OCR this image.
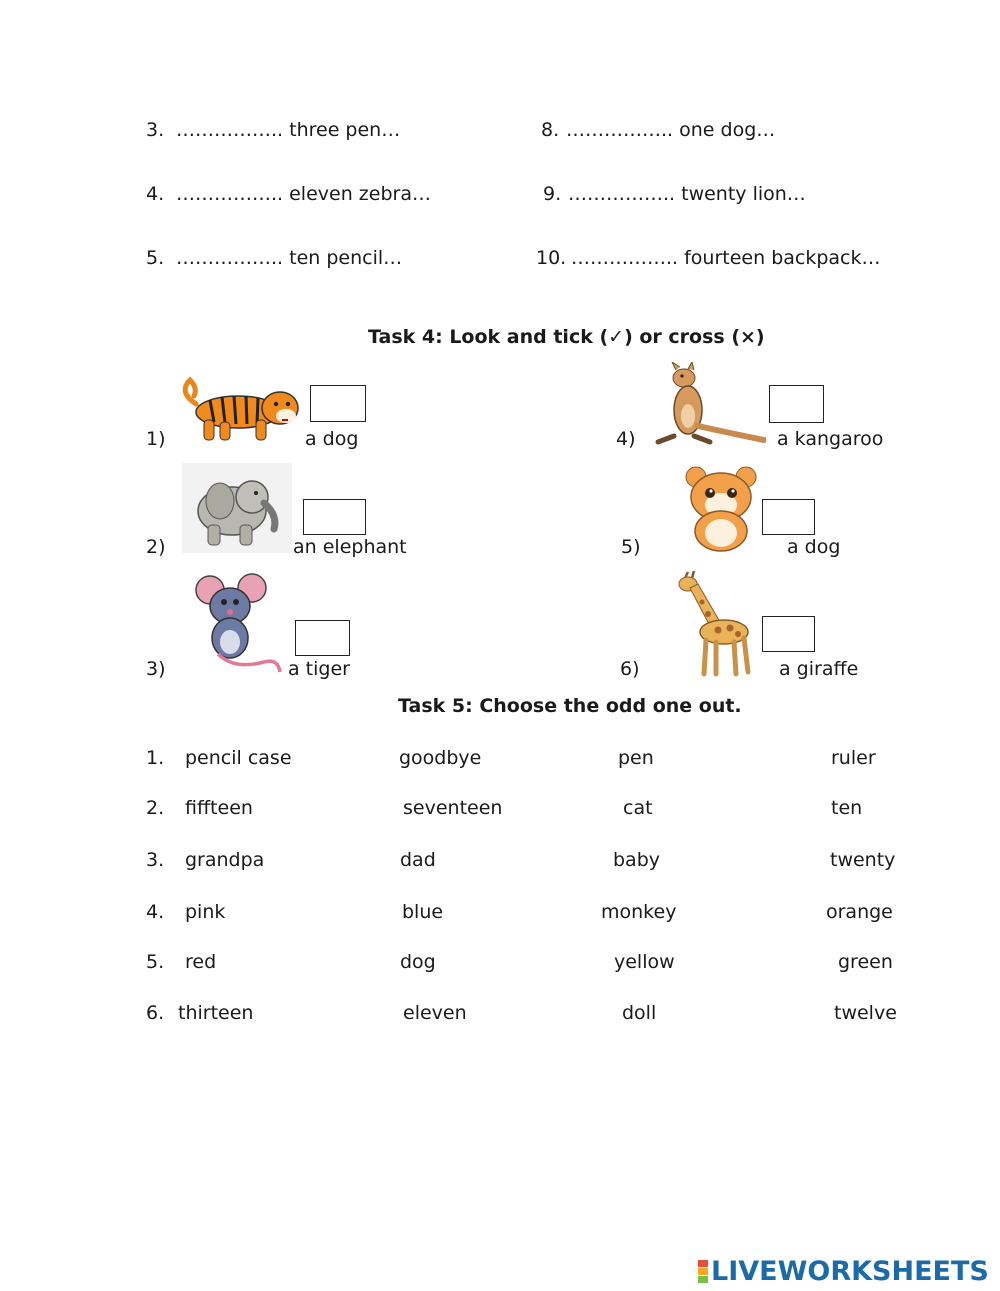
3. …………….. three pen…
4. …………….. eleven zebra…
5. …………….. ten pencil…
8. …………….. one dog…
9. …………….. twenty lion…
10. …………….. fourteen backpack…
Task 4: Look and tick (✓) or cross (×)
1)	a dog
2)	an elephant
3)	a tiger
4)	a kangaroo
5)	a dog
6)	a giraffe
Task 5: Choose the odd one out.
1. pencil case	goodbye	pen	ruler
2. fiffteen	seventeen	cat	ten
3. grandpa	dad	baby	twenty
4. pink	blue	monkey	orange
5. red	dog	yellow	green
6. thirteen	eleven	doll	twelve
LIVEWORKSHEETS
